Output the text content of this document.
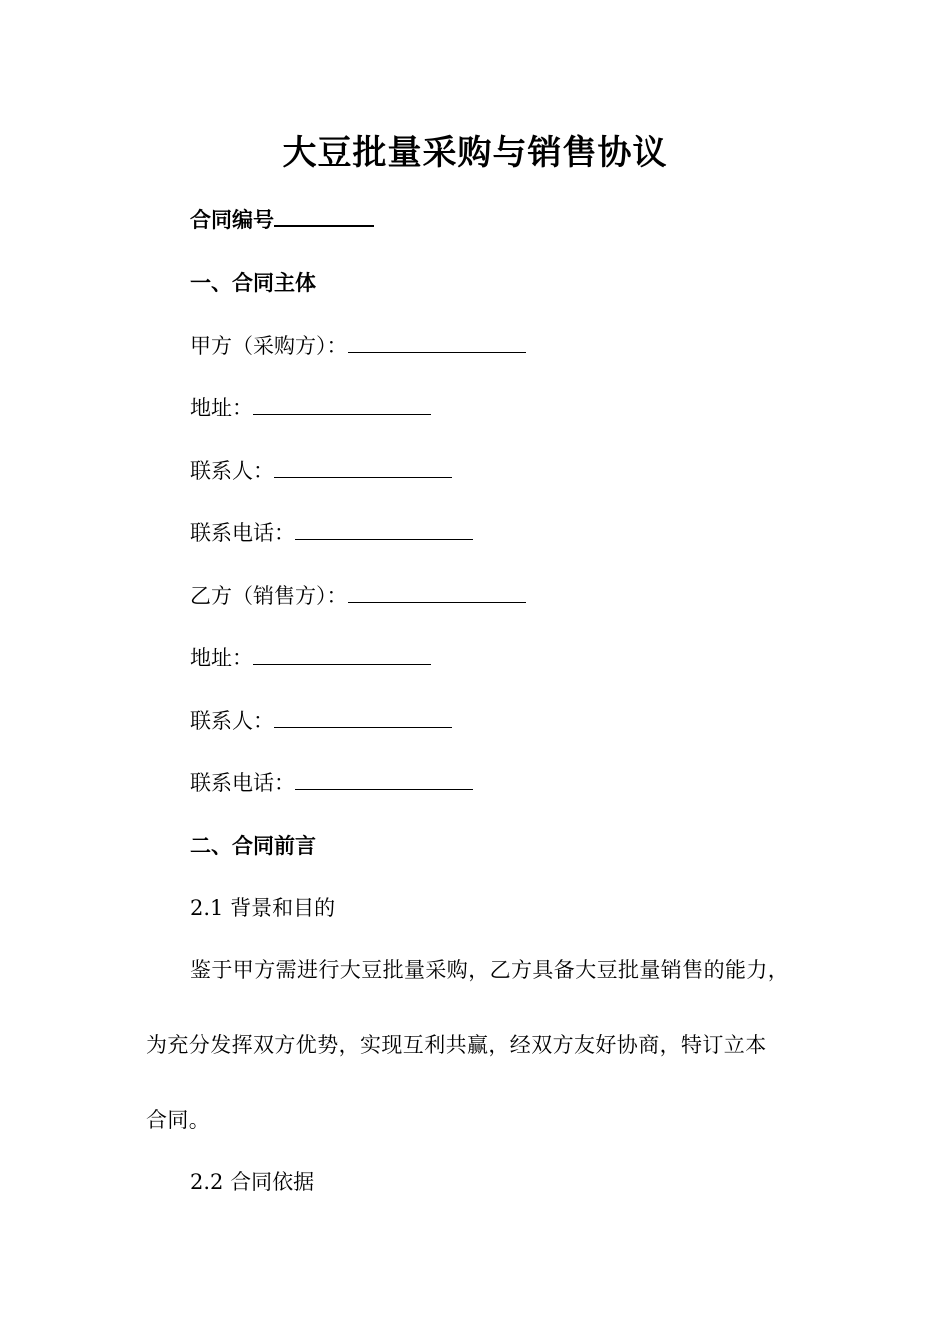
大豆批量采购与销售协议
合同编号
一、合同主体
甲方（采购方）：
地址：
联系人：
联系电话：
乙方（销售方）：
地址：
联系人：
联系电话：
二、合同前言
2.1 背景和目的
鉴于甲方需进行大豆批量采购，乙方具备大豆批量销售的能力，
为充分发挥双方优势，实现互利共赢，经双方友好协商，特订立本
合同。
2.2 合同依据
